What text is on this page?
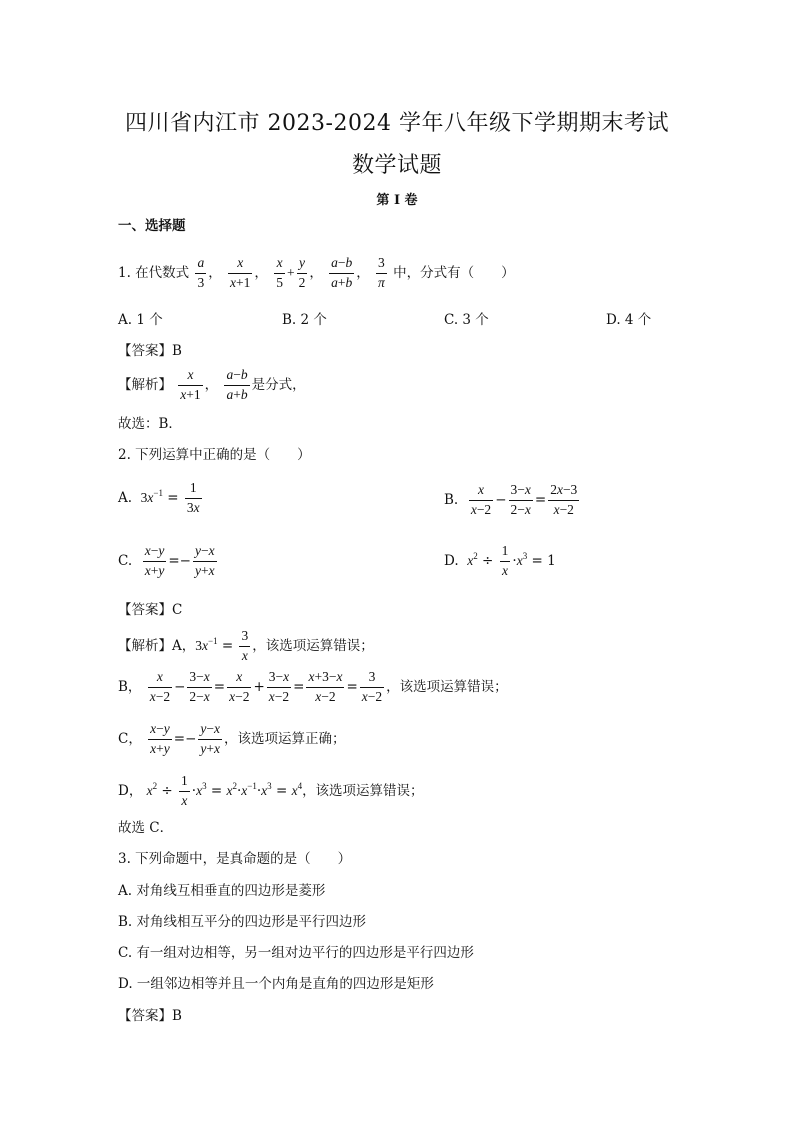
四川省内江市 2023-2024 学年八年级下学期期末考试
数学试题
第 I 卷
一、选择题
1. 在代数式 $\frac{a}{3}$ ， $\frac{x}{x+1}$ ， $\frac{x}{5} + \frac{y}{2}$ ， $\frac{a-b}{a+b}$ ， $\frac{3}{\pi}$ 中，分式有（　　）
A. 1 个	B. 2 个	C. 3 个	D. 4 个
【答案】B
【解析】 $\frac{x}{x+1}$ ， $\frac{a-b}{a+b}$ 是分式，
故选：B．
2. 下列运算中正确的是（　　）
A. $3x^{-1} = \frac{1}{3x}$	B. $\frac{x}{x-2} - \frac{3-x}{2-x} = \frac{2x-3}{x-2}$
C. $\frac{x-y}{x+y} =- \frac{y-x}{y+x}$	D. $x^2 \div \frac{1}{x} \cdot x^3 = 1$
【答案】C
【解析】A，$3x^{-1} = \frac{3}{x}$ ，该选项运算错误；
B， $\frac{x}{x-2} - \frac{3-x}{2-x} = \frac{x}{x-2} + \frac{3-x}{x-2} = \frac{x+3-x}{x-2} = \frac{3}{x-2}$ ，该选项运算错误；
C， $\frac{x-y}{x+y} =- \frac{y-x}{y+x}$ ，该选项运算正确；
D， $x^2 \div \frac{1}{x} \cdot x^3 = x^2\cdot x^{-1}\cdot x^3 = x^4$，该选项运算错误；
故选 C．
3. 下列命题中，是真命题的是（　　）
A. 对角线互相垂直的四边形是菱形
B. 对角线相互平分的四边形是平行四边形
C. 有一组对边相等，另一组对边平行的四边形是平行四边形
D. 一组邻边相等并且一个内角是直角的四边形是矩形
【答案】B
